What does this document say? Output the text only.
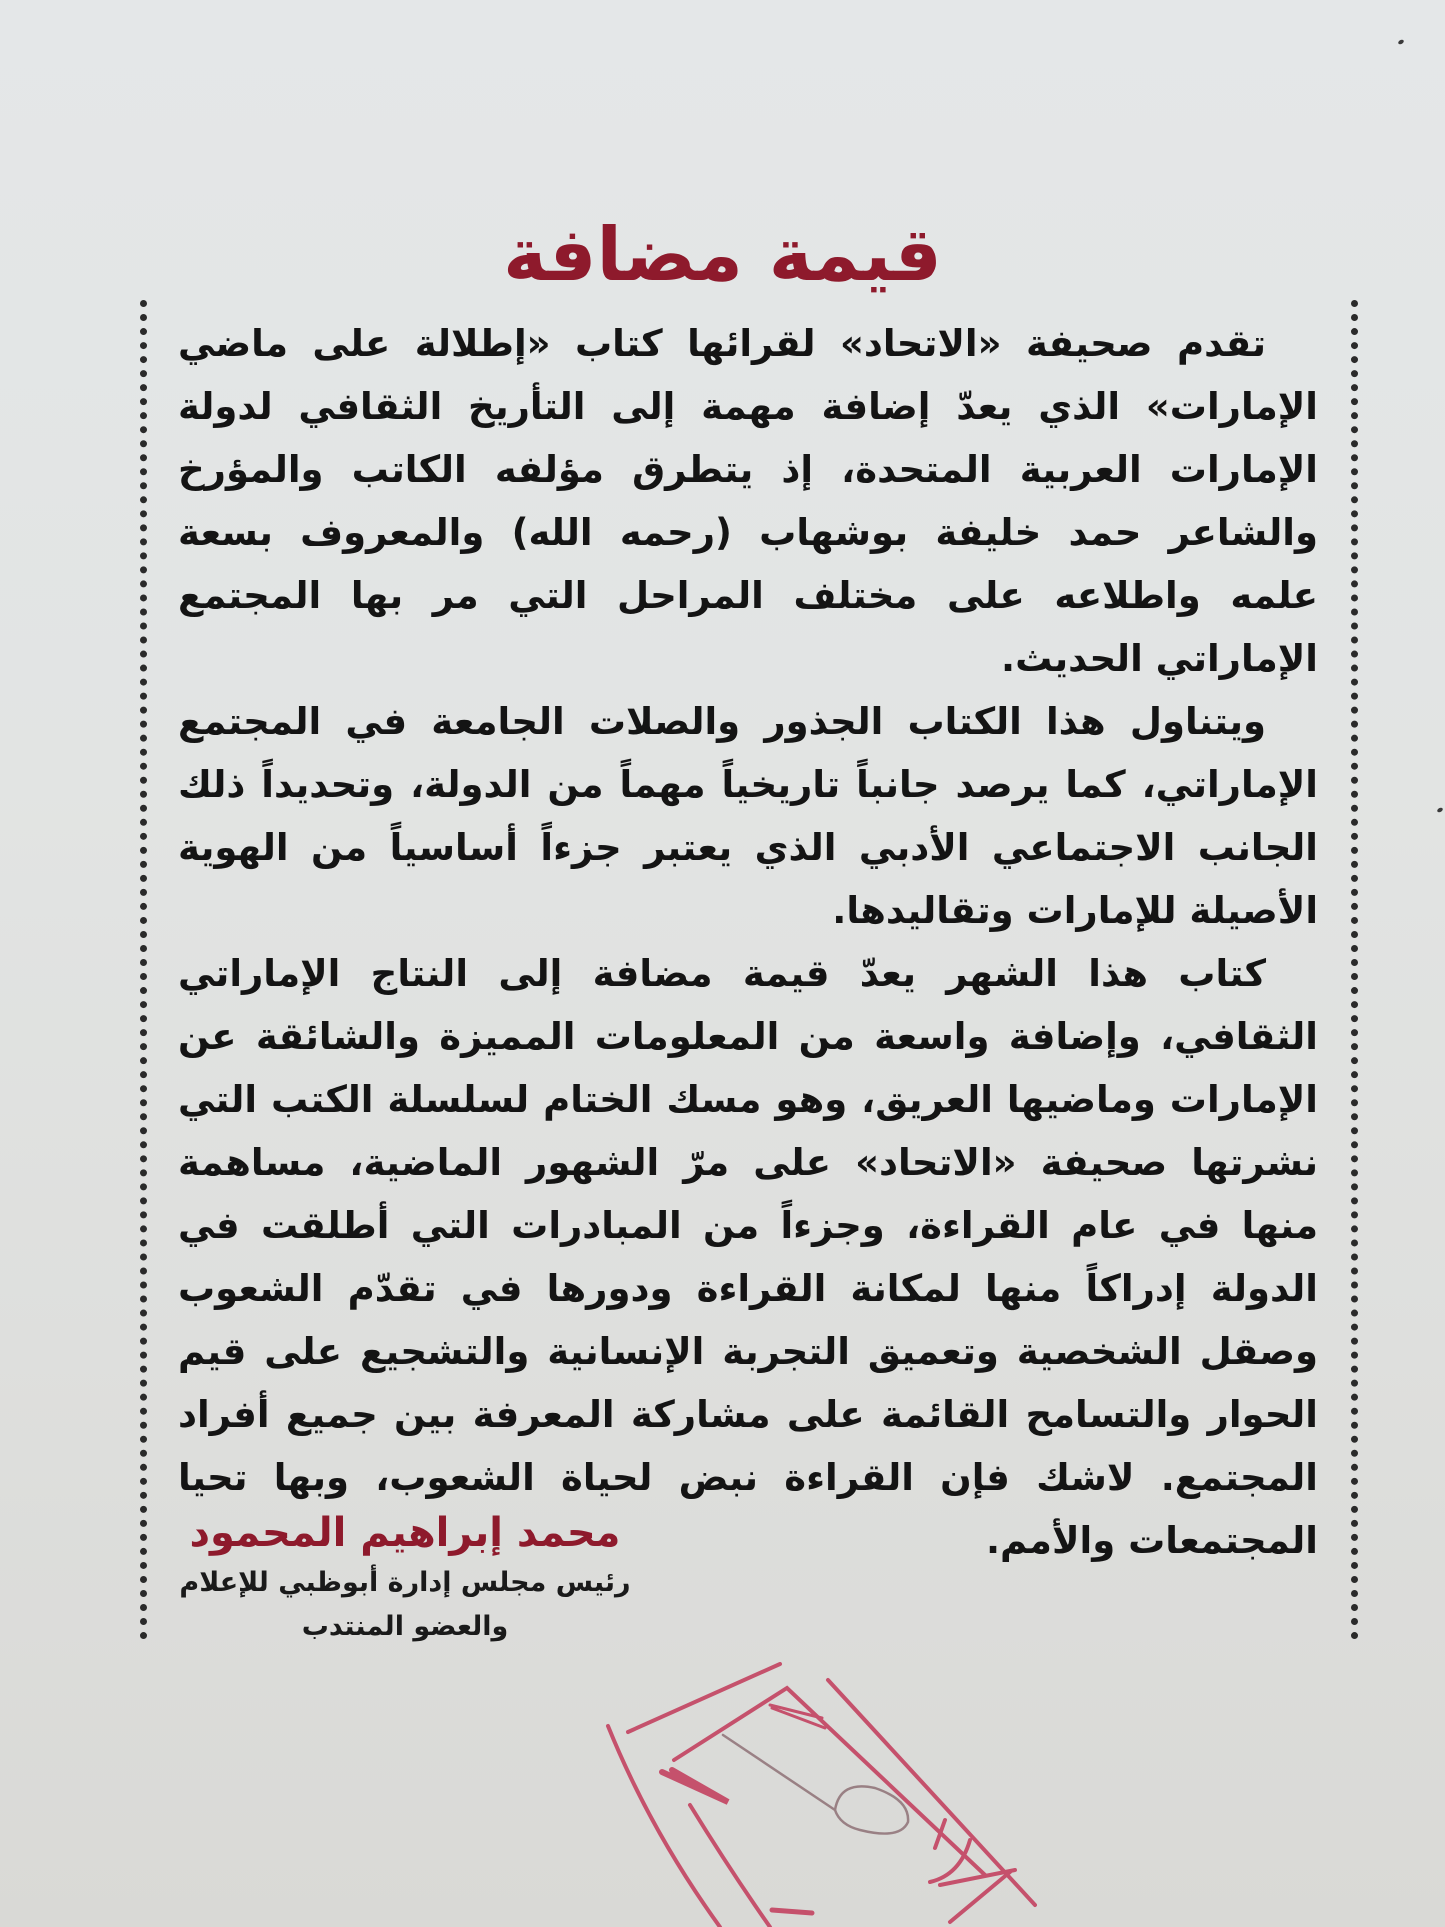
قيمة مضافة

تقدم صحيفة «الاتحاد» لقرائها كتاب «إطلالة على ماضي الإمارات» الذي يعدّ إضافة مهمة إلى التأريخ الثقافي لدولة الإمارات العربية المتحدة، إذ يتطرق مؤلفه الكاتب والمؤرخ والشاعر حمد خليفة بوشهاب (رحمه الله) والمعروف بسعة علمه واطلاعه على مختلف المراحل التي مر بها المجتمع الإماراتي الحديث.

ويتناول هذا الكتاب الجذور والصلات الجامعة في المجتمع الإماراتي، كما يرصد جانباً تاريخياً مهماً من الدولة، وتحديداً ذلك الجانب الاجتماعي الأدبي الذي يعتبر جزءاً أساسياً من الهوية الأصيلة للإمارات وتقاليدها.

كتاب هذا الشهر يعدّ قيمة مضافة إلى النتاج الإماراتي الثقافي، وإضافة واسعة من المعلومات المميزة والشائقة عن الإمارات وماضيها العريق، وهو مسك الختام لسلسلة الكتب التي نشرتها صحيفة «الاتحاد» على مرّ الشهور الماضية، مساهمة منها في عام القراءة، وجزءاً من المبادرات التي أطلقت في الدولة إدراكاً منها لمكانة القراءة ودورها في تقدّم الشعوب وصقل الشخصية وتعميق التجربة الإنسانية والتشجيع على قيم الحوار والتسامح القائمة على مشاركة المعرفة بين جميع أفراد المجتمع. لاشك فإن القراءة نبض لحياة الشعوب، وبها تحيا المجتمعات والأمم.

محمد إبراهيم المحمود
رئيس مجلس إدارة أبوظبي للإعلام
والعضو المنتدب
